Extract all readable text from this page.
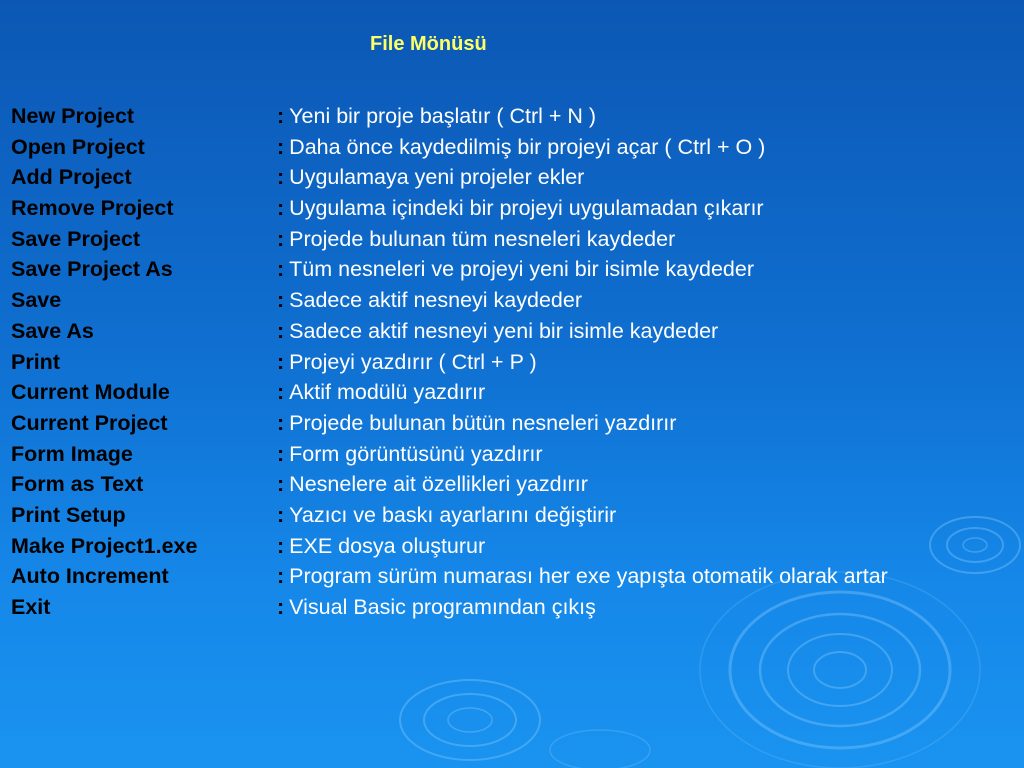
File Mönüsü
New Project	: Yeni bir proje başlatır ( Ctrl + N )
Open Project	: Daha önce kaydedilmiş bir projeyi açar ( Ctrl + O )
Add Project	: Uygulamaya yeni projeler ekler
Remove Project	: Uygulama içindeki bir projeyi uygulamadan çıkarır
Save Project	: Projede bulunan tüm nesneleri kaydeder
Save Project As	: Tüm nesneleri ve projeyi yeni bir isimle kaydeder
Save	: Sadece aktif nesneyi kaydeder
Save As	: Sadece aktif nesneyi yeni bir isimle kaydeder
Print	: Projeyi yazdırır ( Ctrl + P )
Current Module	: Aktif modülü yazdırır
Current Project	: Projede bulunan bütün nesneleri yazdırır
Form Image	: Form görüntüsünü yazdırır
Form as Text	: Nesnelere ait özellikleri yazdırır
Print Setup	: Yazıcı ve baskı ayarlarını değiştirir
Make Project1.exe	: EXE dosya oluşturur
Auto Increment	: Program sürüm numarası her exe yapışta otomatik olarak artar
Exit	: Visual Basic programından çıkış
